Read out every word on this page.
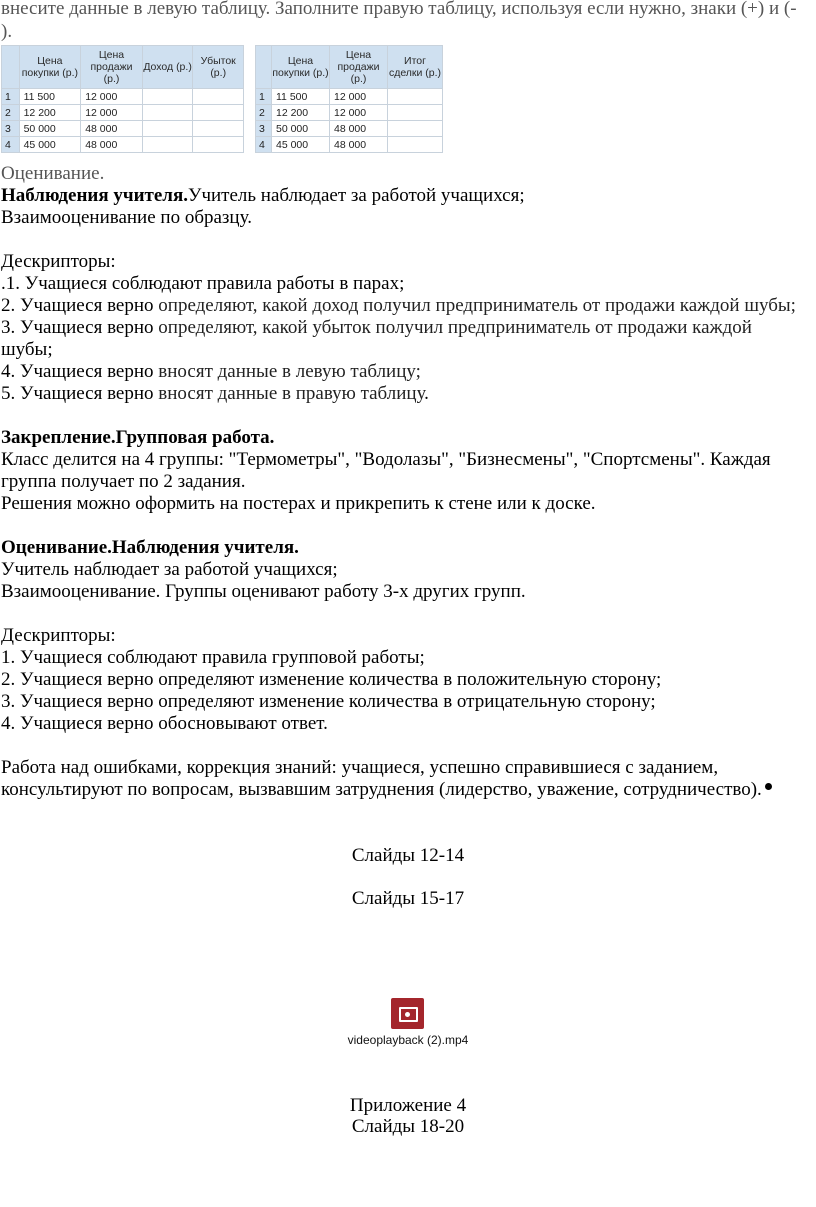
внесите данные в левую таблицу. Заполните правую таблицу, используя если нужно, знаки (+) и (-
).
	Цена покупки (р.)	Цена продажи (р.)	Доход (р.)	Убыток (р.)
1	11 500	12 000		
2	12 200	12 000		
3	50 000	48 000		
4	45 000	48 000		
	Цена покупки (р.)	Цена продажи (р.)	Итог сделки (р.)
1	11 500	12 000	
2	12 200	12 000	
3	50 000	48 000	
4	45 000	48 000	
Оценивание.
Наблюдения учителя.Учитель наблюдает за работой учащихся;
Взаимооценивание по образцу.
Дескрипторы:
.1. Учащиеся соблюдают правила работы в парах;
2. Учащиеся верно определяют, какой доход получил предприниматель от продажи каждой шубы;
3. Учащиеся верно определяют, какой убыток получил предприниматель от продажи каждой
шубы;
4. Учащиеся верно вносят данные в левую таблицу;
5. Учащиеся верно вносят данные в правую таблицу.
Закрепление.Групповая работа.
Класс делится на 4 группы: "Термометры", "Водолазы", "Бизнесмены", "Спортсмены". Каждая
группа получает по 2 задания.
Решения можно оформить на постерах и прикрепить к стене или к доске.
Оценивание.Наблюдения учителя.
Учитель наблюдает за работой учащихся;
Взаимооценивание. Группы оценивают работу 3-х других групп.
Дескрипторы:
1. Учащиеся соблюдают правила групповой работы;
2. Учащиеся верно определяют изменение количества в положительную сторону;
3. Учащиеся верно определяют изменение количества в отрицательную сторону;
4. Учащиеся верно обосновывают ответ.
Работа над ошибками, коррекция знаний: учащиеся, успешно справившиеся с заданием,
консультируют по вопросам, вызвавшим затруднения (лидерство, уважение, сотрудничество).
Слайды 12-14
Слайды 15-17
videoplayback (2).mp4
Приложение 4
Слайды 18-20
